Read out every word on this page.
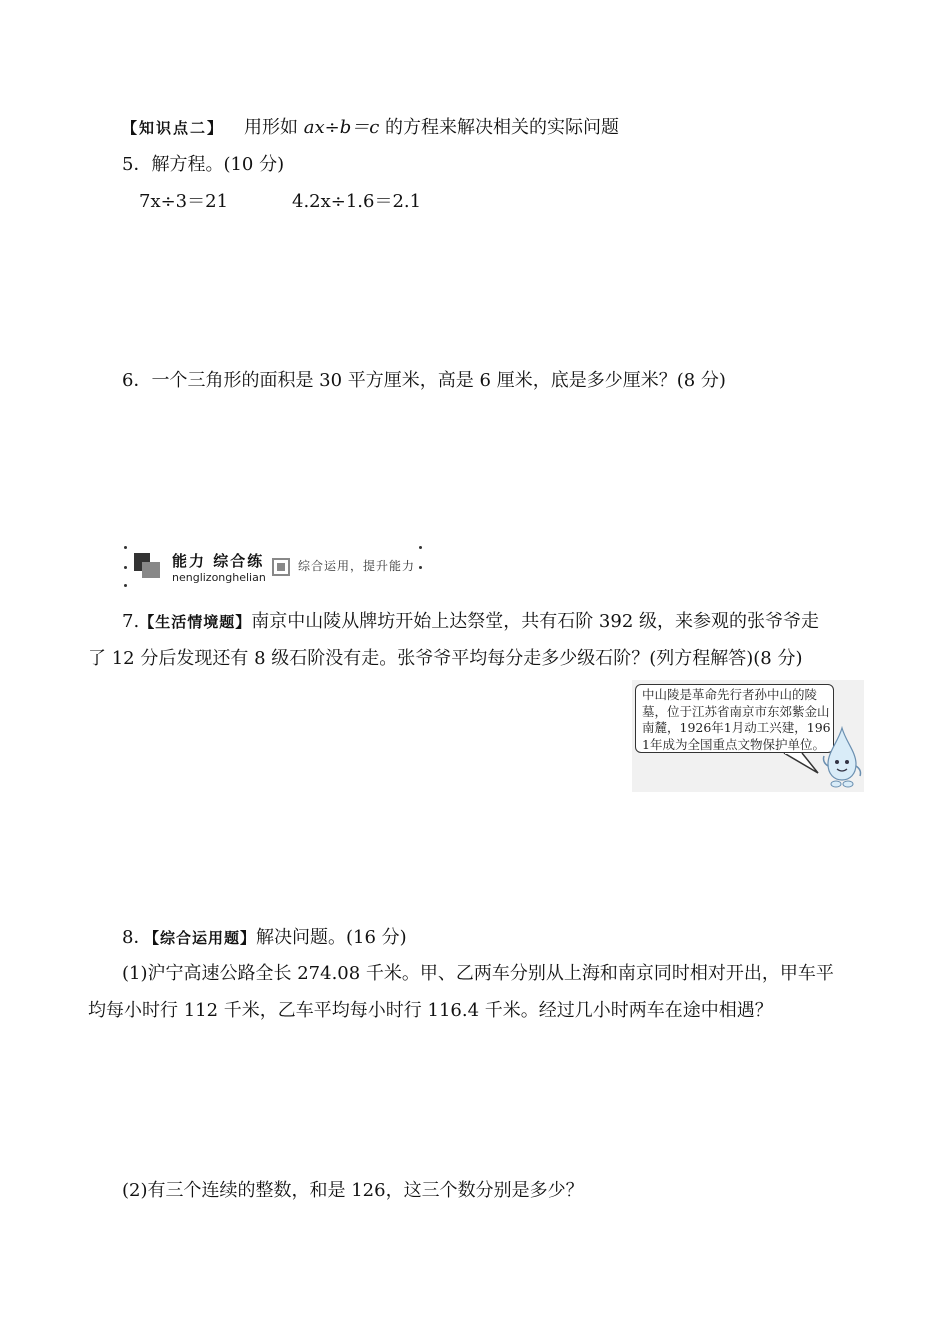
【知识点二】 用形如 ax÷b＝c 的方程来解决相关的实际问题
5．解方程。(10 分)
7x÷3＝21	4.2x÷1.6＝2.1
6．一个三角形的面积是 30 平方厘米，高是 6 厘米，底是多少厘米？(8 分)
能力 综合练
nenglizonghelian
综合运用，提升能力
7.【生活情境题】南京中山陵从牌坊开始上达祭堂，共有石阶 392 级，来参观的张爷爷走
了 12 分后发现还有 8 级石阶没有走。张爷爷平均每分走多少级石阶？(列方程解答)(8 分)
中山陵是革命先行者孙中山的陵墓，位于江苏省南京市东郊紫金山南麓，1926年1月动工兴建，1961年成为全国重点文物保护单位。
8．【综合运用题】解决问题。(16 分)
(1)沪宁高速公路全长 274.08 千米。甲、乙两车分别从上海和南京同时相对开出，甲车平
均每小时行 112 千米，乙车平均每小时行 116.4 千米。经过几小时两车在途中相遇？
(2)有三个连续的整数，和是 126，这三个数分别是多少？
